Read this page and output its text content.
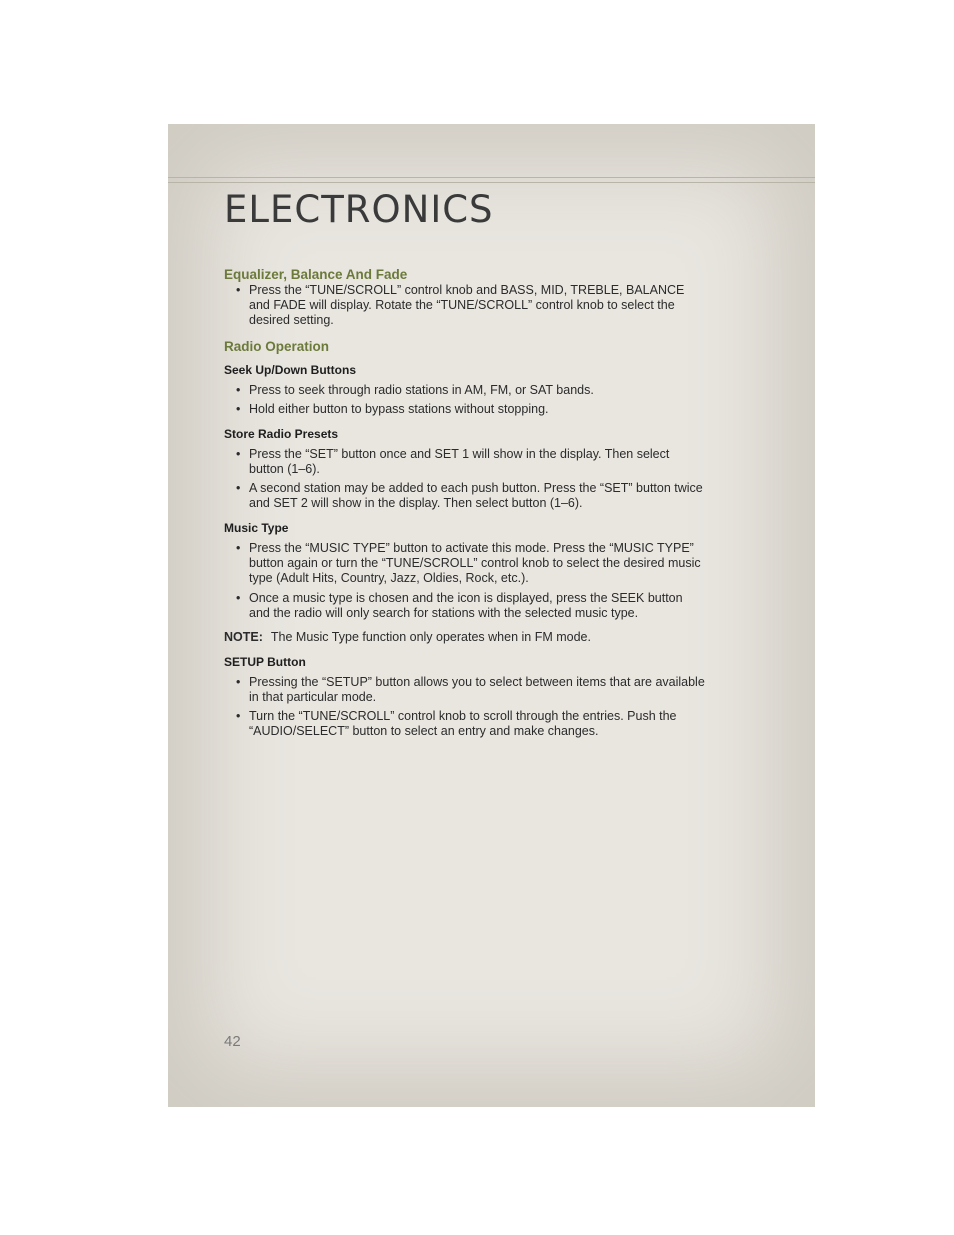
ELECTRONICS
Equalizer, Balance And Fade
• Press the “TUNE/SCROLL” control knob and BASS, MID, TREBLE, BALANCE and FADE will display. Rotate the “TUNE/SCROLL” control knob to select the desired setting.
Radio Operation
Seek Up/Down Buttons
• Press to seek through radio stations in AM, FM, or SAT bands.
• Hold either button to bypass stations without stopping.
Store Radio Presets
• Press the “SET” button once and SET 1 will show in the display. Then select button (1–6).
• A second station may be added to each push button. Press the “SET” button twice and SET 2 will show in the display. Then select button (1–6).
Music Type
• Press the “MUSIC TYPE” button to activate this mode. Press the “MUSIC TYPE” button again or turn the “TUNE/SCROLL” control knob to select the desired music type (Adult Hits, Country, Jazz, Oldies, Rock, etc.).
• Once a music type is chosen and the icon is displayed, press the SEEK button and the radio will only search for stations with the selected music type.

NOTE: The Music Type function only operates when in FM mode.

SETUP Button
• Pressing the “SETUP” button allows you to select between items that are available in that particular mode.
• Turn the “TUNE/SCROLL” control knob to scroll through the entries. Push the “AUDIO/SELECT” button to select an entry and make changes.
42
